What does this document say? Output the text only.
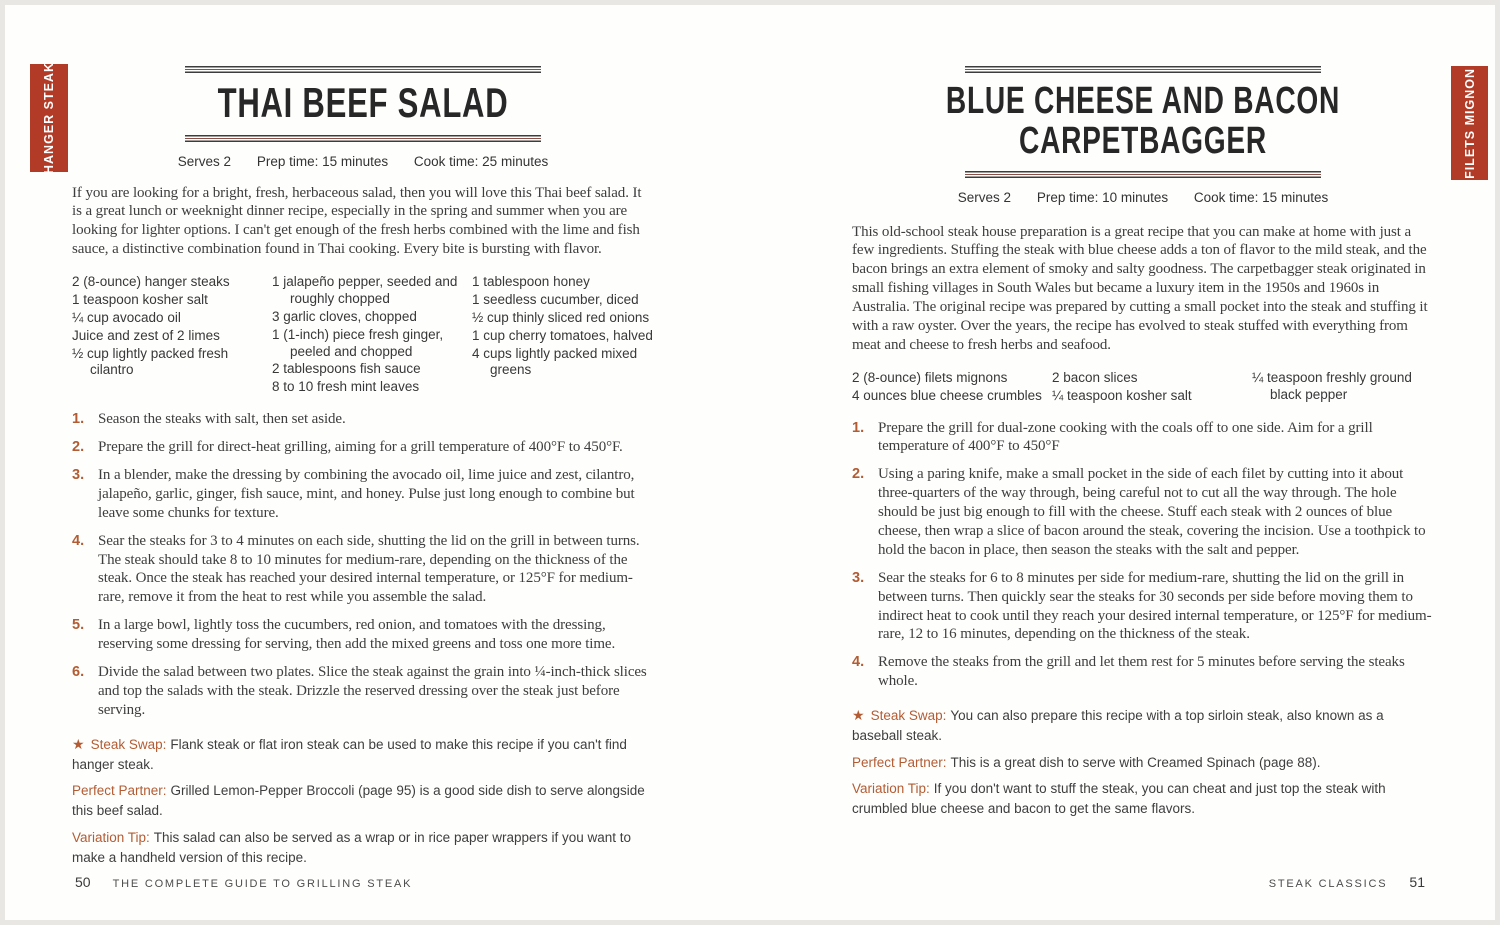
HANGER STEAK	FILETS MIGNON
THAI BEEF SALAD
Serves 2 Prep time: 15 minutes Cook time: 25 minutes

If you are looking for a bright, fresh, herbaceous salad, then you will love this Thai beef salad. It is a great lunch or weeknight dinner recipe, especially in the spring and summer when you are looking for lighter options. I can't get enough of the fresh herbs combined with the lime and fish sauce, a distinctive combination found in Thai cooking. Every bite is bursting with flavor.

2 (8-ounce) hanger steaks
1 teaspoon kosher salt
¼ cup avocado oil
Juice and zest of 2 limes
½ cup lightly packed fresh cilantro
1 jalapeño pepper, seeded and roughly chopped
3 garlic cloves, chopped
1 (1-inch) piece fresh ginger, peeled and chopped
2 tablespoons fish sauce
8 to 10 fresh mint leaves
1 tablespoon honey
1 seedless cucumber, diced
½ cup thinly sliced red onions
1 cup cherry tomatoes, halved
4 cups lightly packed mixed greens
1. Season the steaks with salt, then set aside.
2. Prepare the grill for direct-heat grilling, aiming for a grill temperature of 400°F to 450°F.
3. In a blender, make the dressing by combining the avocado oil, lime juice and zest, cilantro, jalapeño, garlic, ginger, fish sauce, mint, and honey. Pulse just long enough to combine but leave some chunks for texture.
4. Sear the steaks for 3 to 4 minutes on each side, shutting the lid on the grill in between turns. The steak should take 8 to 10 minutes for medium-rare, depending on the thickness of the steak. Once the steak has reached your desired internal temperature, or 125°F for medium-rare, remove it from the heat to rest while you assemble the salad.
5. In a large bowl, lightly toss the cucumbers, red onion, and tomatoes with the dressing, reserving some dressing for serving, then add the mixed greens and toss one more time.
6. Divide the salad between two plates. Slice the steak against the grain into ¼-inch-thick slices and top the salads with the steak. Drizzle the reserved dressing over the steak just before serving.
★ Steak Swap: Flank steak or flat iron steak can be used to make this recipe if you can't find hanger steak.
Perfect Partner: Grilled Lemon-Pepper Broccoli (page 95) is a good side dish to serve alongside this beef salad.
Variation Tip: This salad can also be served as a wrap or in rice paper wrappers if you want to make a handheld version of this recipe.
BLUE CHEESE AND BACON
CARPETBAGGER
Serves 2 Prep time: 10 minutes Cook time: 15 minutes

This old-school steak house preparation is a great recipe that you can make at home with just a few ingredients. Stuffing the steak with blue cheese adds a ton of flavor to the mild steak, and the bacon brings an extra element of smoky and salty goodness. The carpetbagger steak originated in small fishing villages in South Wales but became a luxury item in the 1950s and 1960s in Australia. The original recipe was prepared by cutting a small pocket into the steak and stuffing it with a raw oyster. Over the years, the recipe has evolved to steak stuffed with everything from meat and cheese to fresh herbs and seafood.

2 (8-ounce) filets mignons
4 ounces blue cheese crumbles
2 bacon slices
¼ teaspoon kosher salt
¼ teaspoon freshly ground black pepper
1. Prepare the grill for dual-zone cooking with the coals off to one side. Aim for a grill temperature of 400°F to 450°F
2. Using a paring knife, make a small pocket in the side of each filet by cutting into it about three-quarters of the way through, being careful not to cut all the way through. The hole should be just big enough to fill with the cheese. Stuff each steak with 2 ounces of blue cheese, then wrap a slice of bacon around the steak, covering the incision. Use a toothpick to hold the bacon in place, then season the steaks with the salt and pepper.
3. Sear the steaks for 6 to 8 minutes per side for medium-rare, shutting the lid on the grill in between turns. Then quickly sear the steaks for 30 seconds per side before moving them to indirect heat to cook until they reach your desired internal temperature, or 125°F for medium-rare, 12 to 16 minutes, depending on the thickness of the steak.
4. Remove the steaks from the grill and let them rest for 5 minutes before serving the steaks whole.
★ Steak Swap: You can also prepare this recipe with a top sirloin steak, also known as a baseball steak.
Perfect Partner: This is a great dish to serve with Creamed Spinach (page 88).
Variation Tip: If you don't want to stuff the steak, you can cheat and just top the steak with crumbled blue cheese and bacon to get the same flavors.
50 THE COMPLETE GUIDE TO GRILLING STEAK	STEAK CLASSICS 51
